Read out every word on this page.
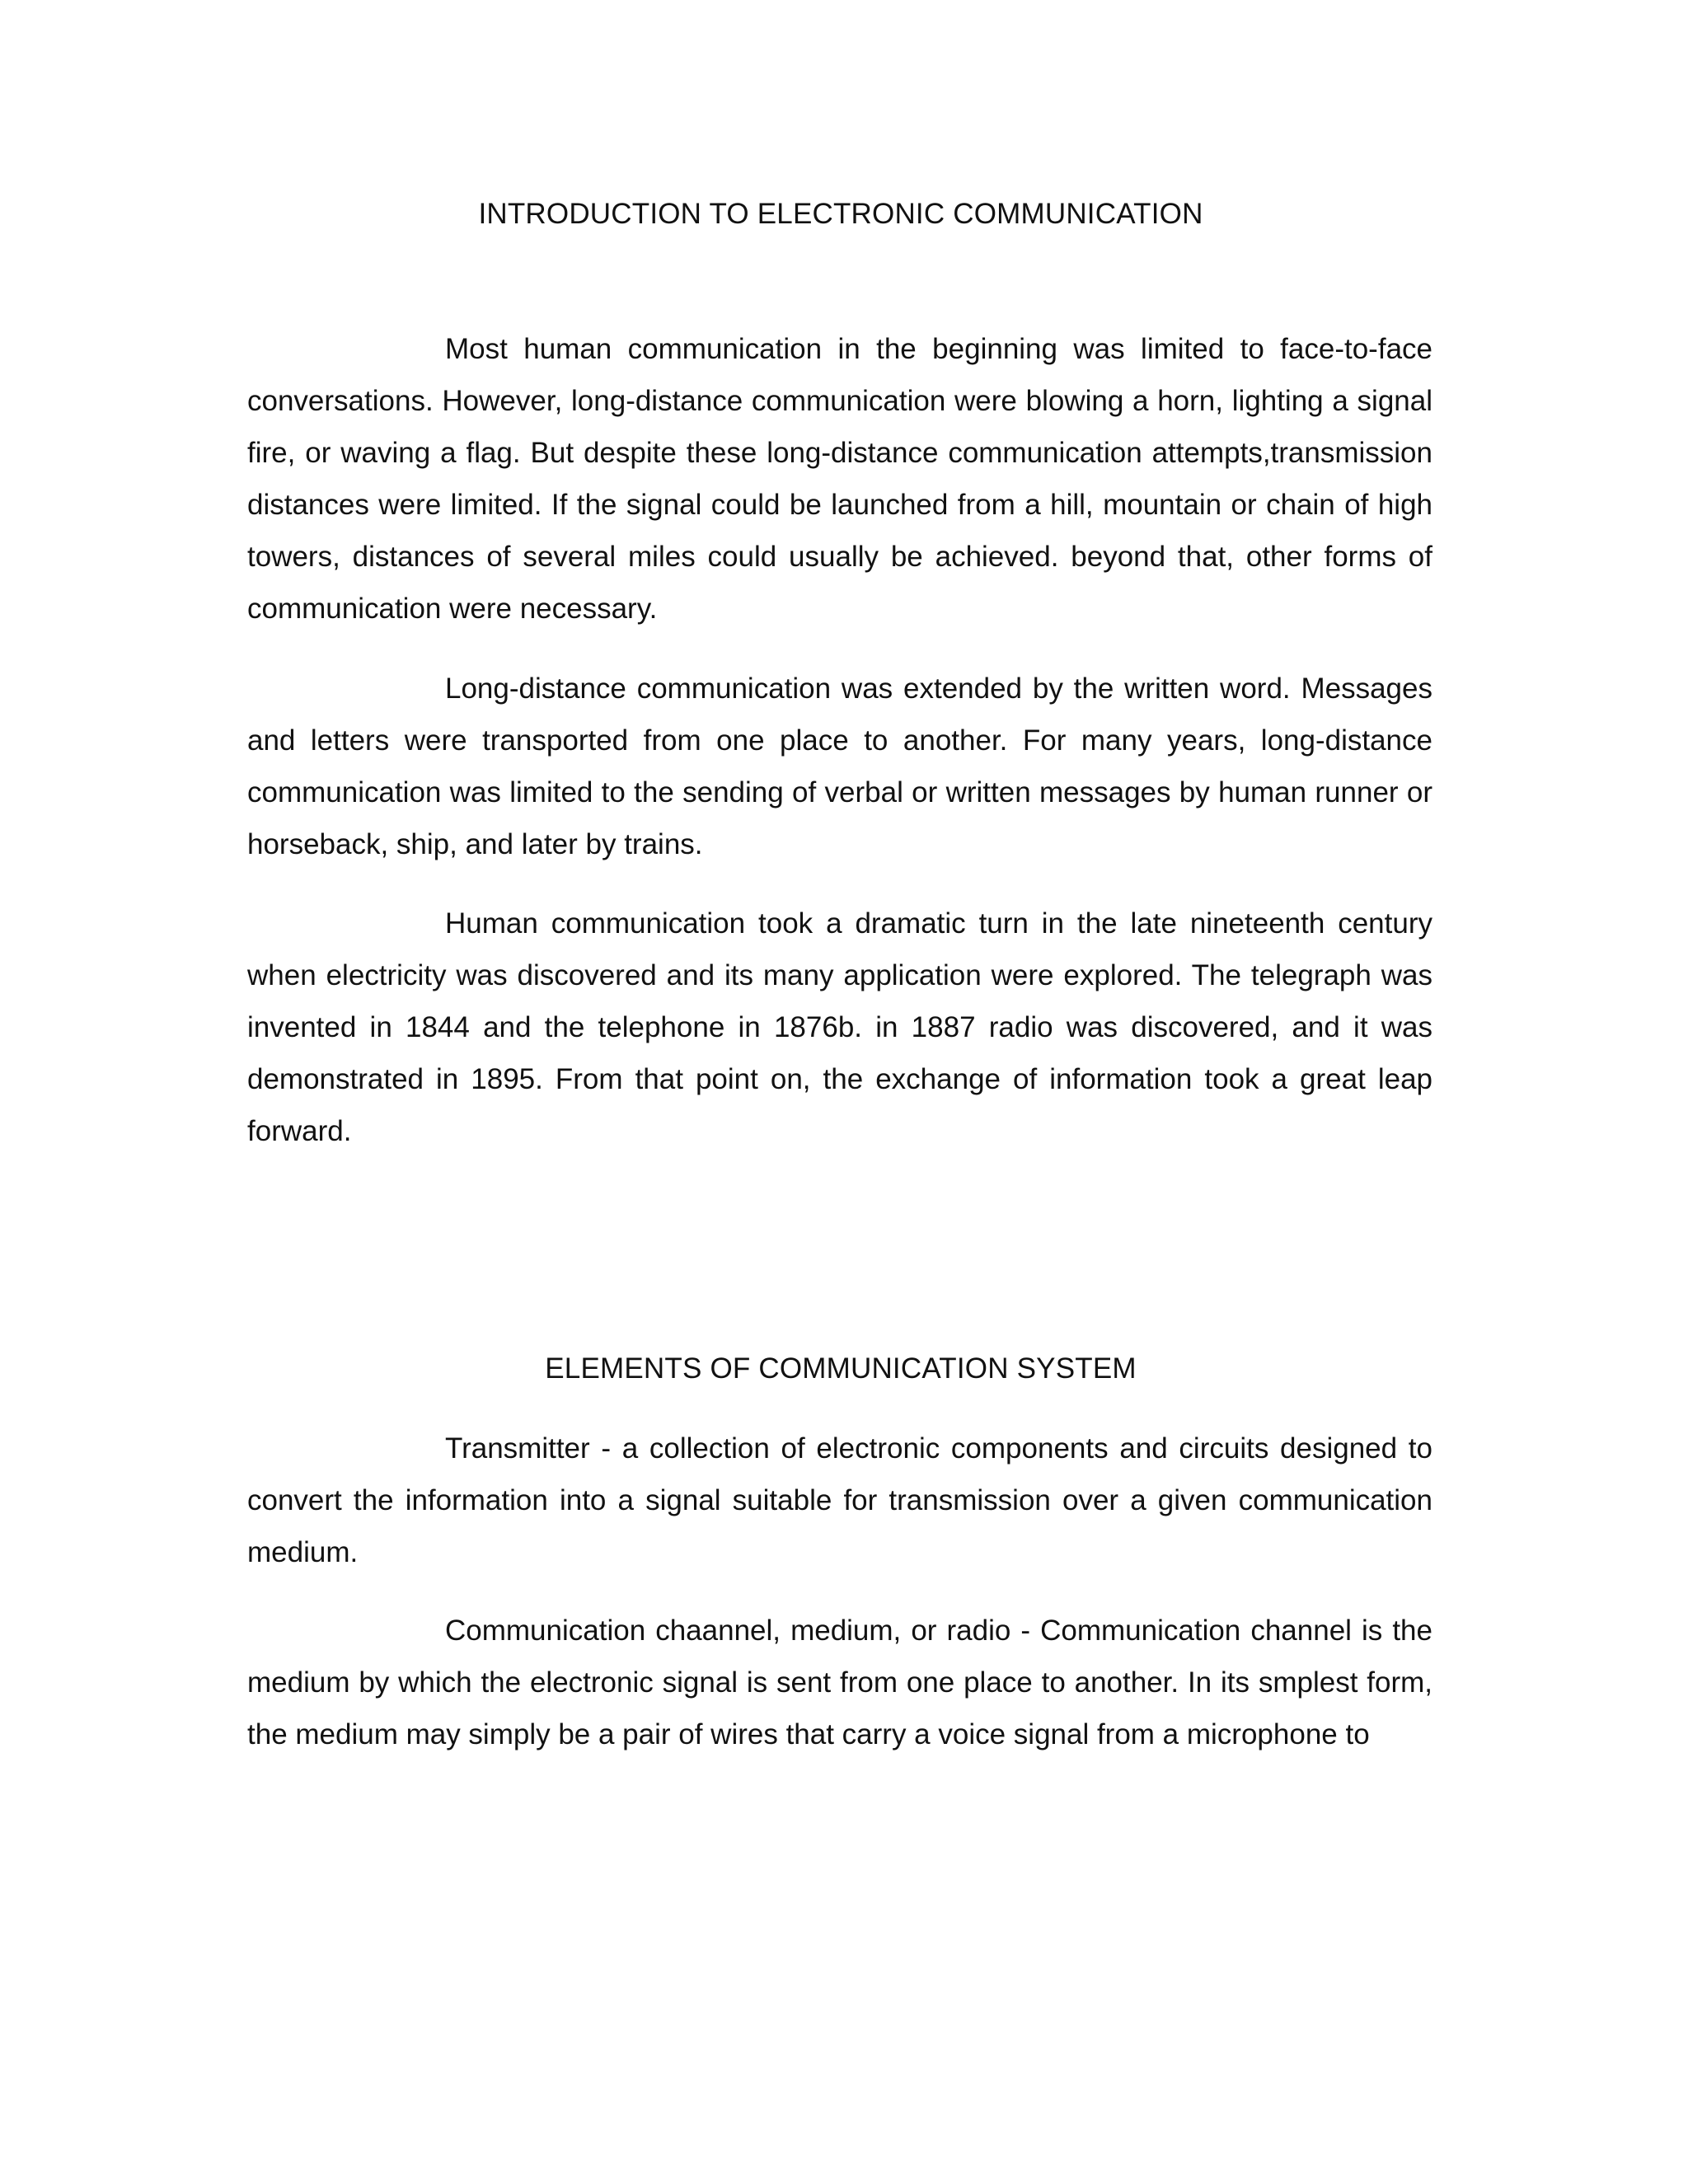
INTRODUCTION TO ELECTRONIC COMMUNICATION

Most human communication in the beginning was limited to face-to-face conversations. However, long-distance communication were blowing a horn, lighting a signal fire, or waving a flag. But despite these long-distance communication attempts,transmission distances were limited. If the signal could be launched from a hill, mountain or chain of high towers, distances of several miles could usually be achieved. beyond that, other forms of communication were necessary.

Long-distance communication was extended by the written word. Messages and letters were transported from one place to another. For many years, long-distance communication was limited to the sending of verbal or written messages by human runner or horseback, ship, and later by trains.

Human communication took a dramatic turn in the late nineteenth century when electricity was discovered and its many application were explored. The telegraph was invented in 1844 and the telephone in 1876b. in 1887 radio was discovered, and it was demonstrated in 1895. From that point on, the exchange of information took a great leap forward.

ELEMENTS OF COMMUNICATION SYSTEM

Transmitter - a collection of electronic components and circuits designed to convert the information into a signal suitable for transmission over a given communication medium.

Communication chaannel, medium, or radio - Communication channel is the medium by which the electronic signal is sent from one place to another. In its smplest form, the medium may simply be a pair of wires that carry a voice signal from a microphone to
